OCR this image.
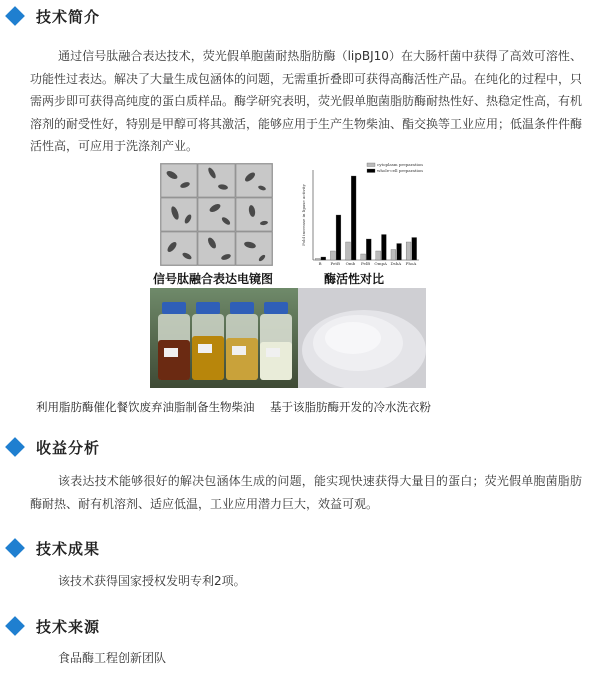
技术简介

通过信号肽融合表达技术，荧光假单胞菌耐热脂肪酶（lipBJ10）在大肠杆菌中获得了高效可溶性、功能性过表达。解决了大量生成包涵体的问题，无需重折叠即可获得高酶活性产品。在纯化的过程中，只需两步即可获得高纯度的蛋白质样品。酶学研究表明，荧光假单胞菌脂肪酶耐热性好、热稳定性高，有机溶剂的耐受性好，特别是甲醇可将其激活，能够应用于生产生物柴油、酯交换等工业应用；低温条件件酶活性高，可应用于洗涤剂产业。

B PetB Omb PelB OmpA DsbA PhoA
Fold increase in lipase activity
cytoplasm preparation
whole-cell preparation
信号肽融合表达电镜图	酶活性对比
利用脂肪酶催化餐饮废弃油脂制备生物柴油 基于该脂肪酶开发的冷水洗衣粉
收益分析

该表达技术能够很好的解决包涵体生成的问题，能实现快速获得大量目的蛋白；荧光假单胞菌脂肪酶耐热、耐有机溶剂、适应低温，工业应用潜力巨大，效益可观。

技术成果

该技术获得国家授权发明专利2项。

技术来源

食品酶工程创新团队
